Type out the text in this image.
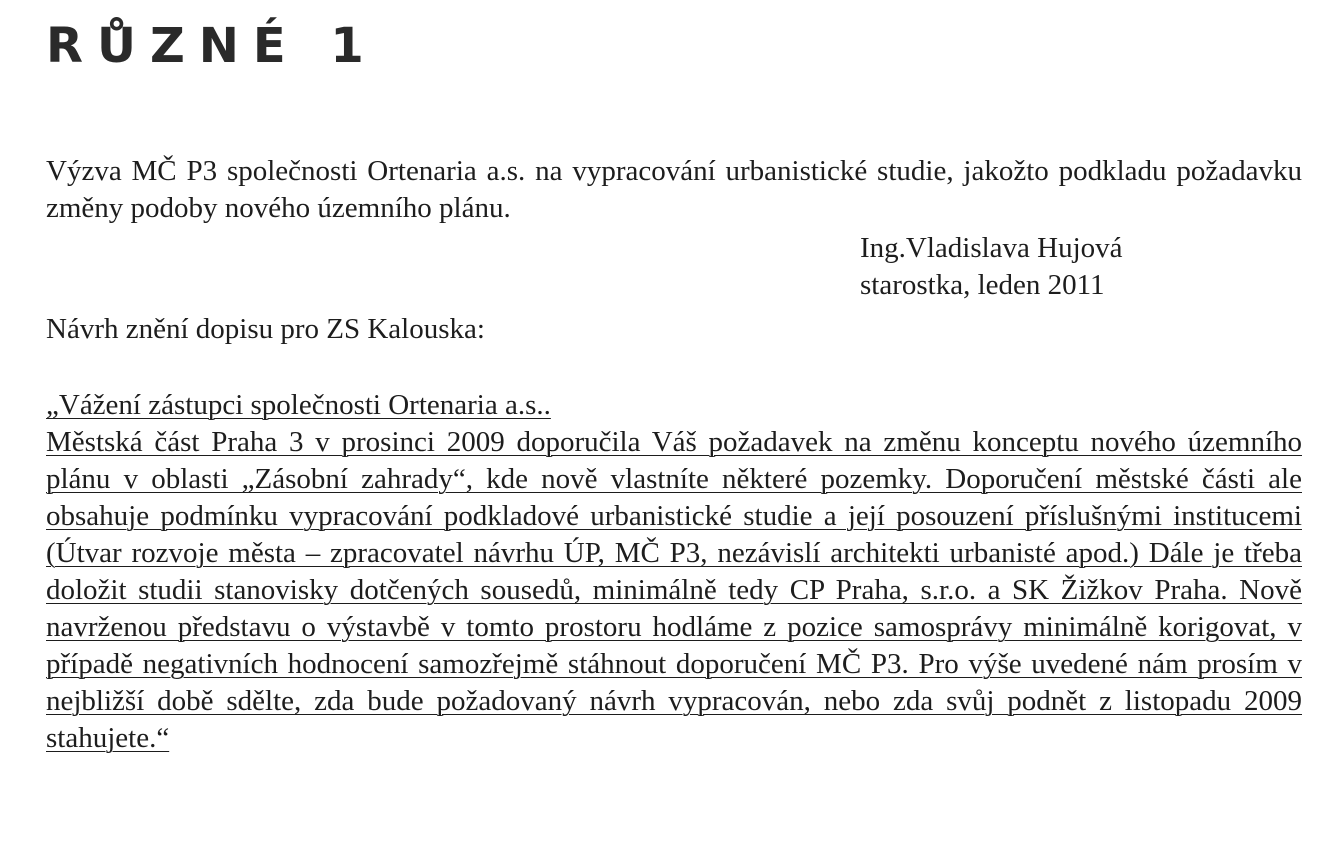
RŮZNÉ 1

Výzva MČ P3 společnosti Ortenaria a.s. na vypracování urbanistické studie, jakožto podkladu požadavku změny podoby nového územního plánu.

Ing.Vladislava Hujová
starostka, leden 2011

Návrh znění dopisu pro ZS Kalouska:

„Vážení zástupci společnosti Ortenaria a.s..
Městská část Praha 3 v prosinci 2009 doporučila Váš požadavek na změnu konceptu nového územního plánu v oblasti „Zásobní zahrady“, kde nově vlastníte některé pozemky. Doporučení městské části ale obsahuje podmínku vypracování podkladové urbanistické studie a její posouzení příslušnými institucemi (Útvar rozvoje města – zpracovatel návrhu ÚP, MČ P3, nezávislí architekti urbanisté apod.) Dále je třeba doložit studii stanovisky dotčených sousedů, minimálně tedy CP Praha, s.r.o. a SK Žižkov Praha. Nově navrženou představu o výstavbě v tomto prostoru hodláme z pozice samosprávy minimálně korigovat, v případě negativních hodnocení samozřejmě stáhnout doporučení MČ P3. Pro výše uvedené nám prosím v nejbližší době sdělte, zda bude požadovaný návrh vypracován, nebo zda svůj podnět z listopadu 2009 stahujete.“
